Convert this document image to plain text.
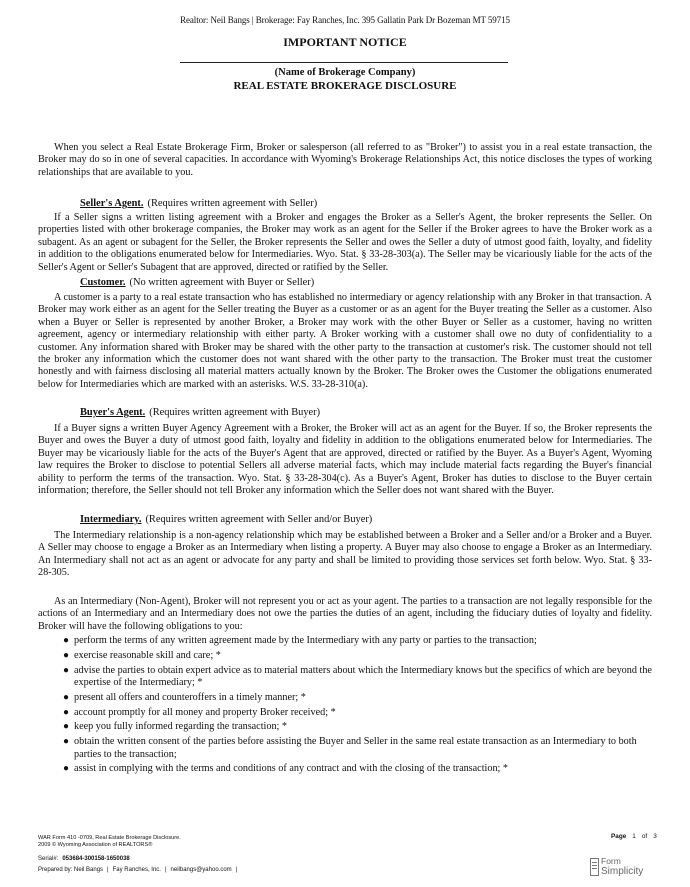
Realtor: Neil Bangs | Brokerage: Fay Ranches, Inc. 395 Gallatin Park Dr Bozeman MT 59715
IMPORTANT NOTICE
(Name of Brokerage Company)
REAL ESTATE BROKERAGE DISCLOSURE

When you select a Real Estate Brokerage Firm, Broker or salesperson (all referred to as "Broker") to assist you in a real estate transaction, the Broker may do so in one of several capacities. In accordance with Wyoming's Brokerage Relationships Act, this notice discloses the types of working relationships that are available to you.

Seller's Agent. (Requires written agreement with Seller)

If a Seller signs a written listing agreement with a Broker and engages the Broker as a Seller's Agent, the broker represents the Seller. On properties listed with other brokerage companies, the Broker may work as an agent for the Seller if the Broker agrees to have the Broker work as a subagent. As an agent or subagent for the Seller, the Broker represents the Seller and owes the Seller a duty of utmost good faith, loyalty, and fidelity in addition to the obligations enumerated below for Intermediaries. Wyo. Stat. § 33-28-303(a). The Seller may be vicariously liable for the acts of the Seller's Agent or Seller's Subagent that are approved, directed or ratified by the Seller.

Customer. (No written agreement with Buyer or Seller)

A customer is a party to a real estate transaction who has established no intermediary or agency relationship with any Broker in that transaction. A Broker may work either as an agent for the Seller treating the Buyer as a customer or as an agent for the Buyer treating the Seller as a customer. Also when a Buyer or Seller is represented by another Broker, a Broker may work with the other Buyer or Seller as a customer, having no written agreement, agency or intermediary relationship with either party. A Broker working with a customer shall owe no duty of confidentiality to a customer. Any information shared with Broker may be shared with the other party to the transaction at customer's risk. The customer should not tell the broker any information which the customer does not want shared with the other party to the transaction. The Broker must treat the customer honestly and with fairness disclosing all material matters actually known by the Broker. The Broker owes the Customer the obligations enumerated below for Intermediaries which are marked with an asterisks. W.S. 33-28-310(a).

Buyer's Agent. (Requires written agreement with Buyer)

If a Buyer signs a written Buyer Agency Agreement with a Broker, the Broker will act as an agent for the Buyer. If so, the Broker represents the Buyer and owes the Buyer a duty of utmost good faith, loyalty and fidelity in addition to the obligations enumerated below for Intermediaries. The Buyer may be vicariously liable for the acts of the Buyer's Agent that are approved, directed or ratified by the Buyer. As a Buyer's Agent, Wyoming law requires the Broker to disclose to potential Sellers all adverse material facts, which may include material facts regarding the Buyer's financial ability to perform the terms of the transaction. Wyo. Stat. § 33-28-304(c). As a Buyer's Agent, Broker has duties to disclose to the Buyer certain information; therefore, the Seller should not tell Broker any information which the Seller does not want shared with the Buyer.

Intermediary. (Requires written agreement with Seller and/or Buyer)

The Intermediary relationship is a non-agency relationship which may be established between a Broker and a Seller and/or a Broker and a Buyer. A Seller may choose to engage a Broker as an Intermediary when listing a property. A Buyer may also choose to engage a Broker as an Intermediary. An Intermediary shall not act as an agent or advocate for any party and shall be limited to providing those services set forth below. Wyo. Stat. § 33-28-305.

As an Intermediary (Non-Agent), Broker will not represent you or act as your agent. The parties to a transaction are not legally responsible for the actions of an Intermediary and an Intermediary does not owe the parties the duties of an agent, including the fiduciary duties of loyalty and fidelity. Broker will have the following obligations to you:

● perform the terms of any written agreement made by the Intermediary with any party or parties to the transaction;
● exercise reasonable skill and care; *
● advise the parties to obtain expert advice as to material matters about which the Intermediary knows but the specifics of which are beyond the expertise of the Intermediary; *
● present all offers and counteroffers in a timely manner; *
● account promptly for all money and property Broker received; *
● keep you fully informed regarding the transaction; *
● obtain the written consent of the parties before assisting the Buyer and Seller in the same real estate transaction as an Intermediary to both parties to the transaction;
● assist in complying with the terms and conditions of any contract and with the closing of the transaction; *
WAR Form 410 -0709, Real Estate Brokerage Disclosure.
2009 © Wyoming Association of REALTORS®
Page 1 of 3
Serial#: 053684-300158-1650038
Prepared by: Neil Bangs | Fay Ranches, Inc. | neilbangs@yahoo.com |
Form
Simplicity
